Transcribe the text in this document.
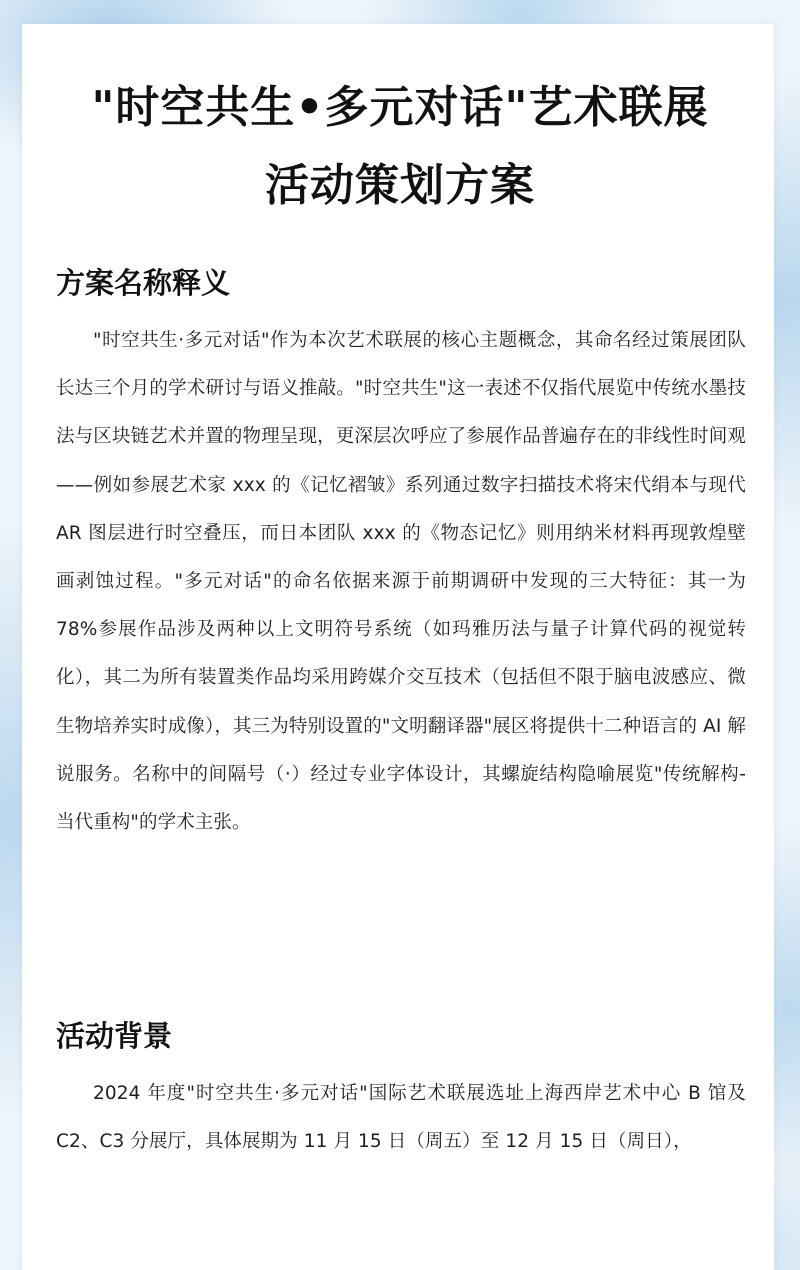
"时空共生•多元对话"艺术联展
活动策划方案
方案名称释义

"时空共生·多元对话"作为本次艺术联展的核心主题概念，其命名经过策展团队长达三个月的学术研讨与语义推敲。"时空共生"这一表述不仅指代展览中传统水墨技法与区块链艺术并置的物理呈现，更深层次呼应了参展作品普遍存在的非线性时间观——例如参展艺术家 xxx 的《记忆褶皱》系列通过数字扫描技术将宋代绢本与现代 AR 图层进行时空叠压，而日本团队 xxx 的《物态记忆》则用纳米材料再现敦煌壁画剥蚀过程。"多元对话"的命名依据来源于前期调研中发现的三大特征：其一为 78%参展作品涉及两种以上文明符号系统（如玛雅历法与量子计算代码的视觉转化），其二为所有装置类作品均采用跨媒介交互技术（包括但不限于脑电波感应、微生物培养实时成像），其三为特别设置的"文明翻译器"展区将提供十二种语言的 AI 解说服务。名称中的间隔号（·）经过专业字体设计，其螺旋结构隐喻展览"传统解构-当代重构"的学术主张。

活动背景

2024 年度"时空共生·多元对话"国际艺术联展选址上海西岸艺术中心 B 馆及 C2、C3 分展厅，具体展期为 11 月 15 日（周五）至 12 月 15 日（周日），
